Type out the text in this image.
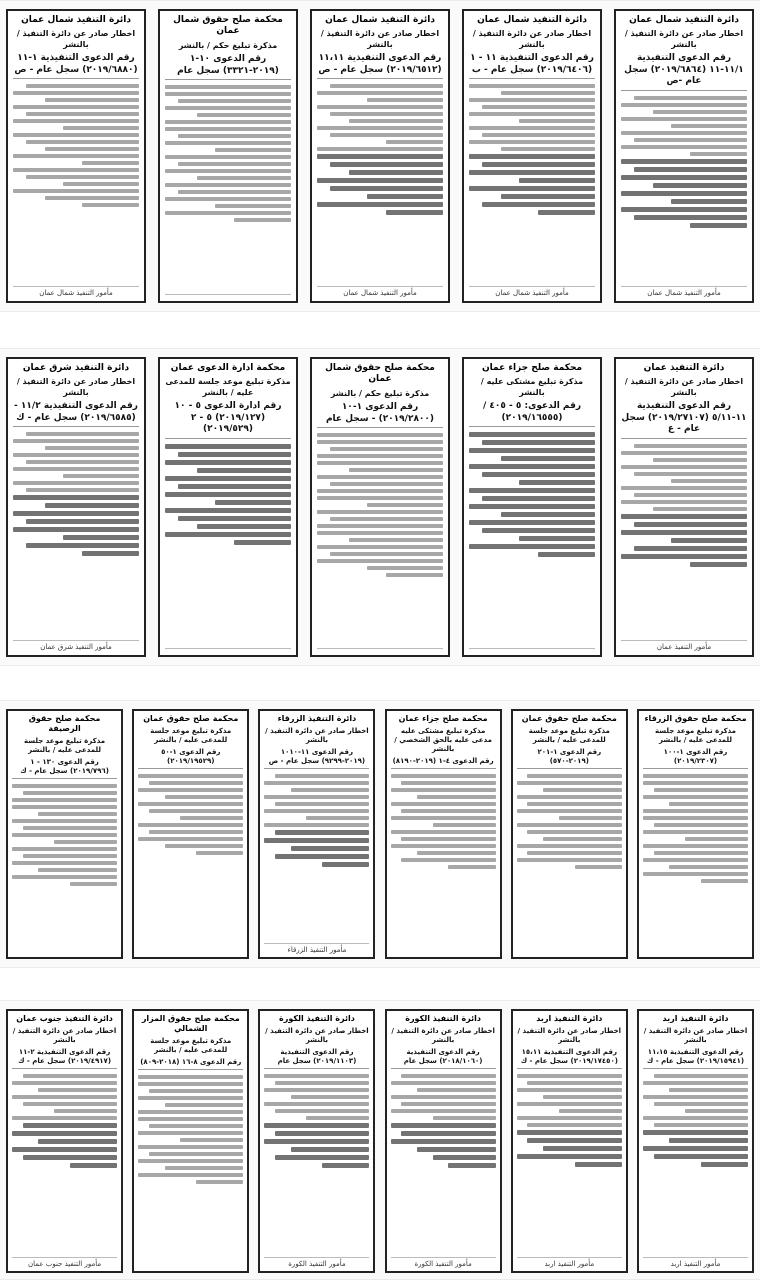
دائرة التنفيذ شمال عمان
اخطار صادر عن دائرة التنفيذ / بالنشر
رقم الدعوى التنفيذية ١١/١-١١ (٢٠١٩/٦٨٦٤) سجل عام -ص
مأمور التنفيذ شمال عمان
دائرة التنفيذ شمال عمان
اخطار صادر عن دائرة التنفيذ / بالنشر
رقم الدعوى التنفيذية ١١ - ١ (٢٠١٩/٦٤٠٦) سجل عام - ب
مأمور التنفيذ شمال عمان
دائرة التنفيذ شمال عمان
اخطار صادر عن دائرة التنفيذ / بالنشر
رقم الدعوى التنفيذية ١١،١١ (٢٠١٩/٦٥١٢) سجل عام - ص
مأمور التنفيذ شمال عمان
محكمة صلح حقوق شمال عمان
مذكرة تبليغ حكم / بالنشر
رقم الدعوى ١٠-١ (٢٠١٩-٣٣٢١) سجل عام
دائرة التنفيذ شمال عمان
اخطار صادر عن دائرة التنفيذ / بالنشر
رقم الدعوى التنفيذية ١-١١ (٢٠١٩/٦٨٨٠) سجل عام - ص
مأمور التنفيذ شمال عمان
دائرة التنفيذ عمان
اخطار صادر عن دائرة التنفيذ / بالنشر
رقم الدعوى التنفيذية ١١-٥/١١ (٢٠١٩/٢٧١٠٧) سجل عام - ع
مأمور التنفيذ عمان
محكمة صلح جزاء عمان
مذكرة تبليغ مشتكى عليه / بالنشر
رقم الدعوى: ٥ - ٤٠٥ / (٢٠١٩/١٦٥٥٥)
محكمة صلح حقوق شمال عمان
مذكرة تبليغ حكم / بالنشر
رقم الدعوى ١-١٠ (٢٠١٩/٢٨٠٠) - سجل عام
محكمة ادارة الدعوى عمان
مذكرة تبليغ موعد جلسة للمدعى عليه / بالنشر
رقم ادارة الدعوى ٥ - ١٠ (٢٠١٩/١٢٧) ٥ - ٢ (٢٠١٩/٥٢٩)
دائرة التنفيذ شرق عمان
اخطار صادر عن دائرة التنفيذ / بالنشر
رقم الدعوى التنفيذية ١١/٢ - (٢٠١٩/٦٥٨٥) سجل عام - ك
مأمور التنفيذ شرق عمان
محكمة صلح حقوق الزرقاء
مذكرة تبليغ موعد جلسة للمدعى عليه / بالنشر
رقم الدعوى ١-١٠٠ (٢٠١٩/٢٣٠٧)
محكمة صلح حقوق عمان
مذكرة تبليغ موعد جلسة للمدعى عليه / بالنشر
رقم الدعوى ١-٢٠١ (٢٠١٩-٥٧٠)
محكمة صلح جزاء عمان
مذكرة تبليغ مشتكى عليه مدعى عليه بالحق الشخصي / بالنشر
رقم الدعوى ٤-١ (٢٠١٩-٨١٩٠)
دائرة التنفيذ الزرقاء
اخطار صادر عن دائرة التنفيذ / بالنشر
رقم الدعوى ١١-١٠١٠ (٢٠١٩-٩٢٩٩) سجل عام - ص
مأمور التنفيذ الزرقاء
محكمة صلح حقوق عمان
مذكرة تبليغ موعد جلسة للمدعى عليه / بالنشر
رقم الدعوى ١-٥٠ (٢٠١٩/١٩٥٢٩)
محكمة صلح حقوق الرصيفة
مذكرة تبليغ موعد جلسة للمدعى عليه / بالنشر
رقم الدعوى ١٣٠ - ١ (٢٠١٩/٧٩٦) سجل عام - ك
دائرة التنفيذ اربد
اخطار صادر عن دائرة التنفيذ / بالنشر
رقم الدعوى التنفيذية ١١،١٥ (٢٠١٩/١٥٩٤١) سجل عام - ك
مأمور التنفيذ اربد
دائرة التنفيذ اربد
اخطار صادر عن دائرة التنفيذ / بالنشر
رقم الدعوى التنفيذية ١٥،١١ (٢٠١٩/١٧٤٥٠) سجل عام - ك
مأمور التنفيذ اربد
دائرة التنفيذ الكورة
اخطار صادر عن دائرة التنفيذ / بالنشر
رقم الدعوى التنفيذية (٢٠١٨/١٠٦٠) سجل عام
مأمور التنفيذ الكورة
دائرة التنفيذ الكورة
اخطار صادر عن دائرة التنفيذ / بالنشر
رقم الدعوى التنفيذية (٢٠١٩/١١٠٣) سجل عام
مأمور التنفيذ الكورة
محكمة صلح حقوق المزار الشمالي
مذكرة تبليغ موعد جلسة للمدعى عليه / بالنشر
رقم الدعوى ٨-١٦ (٢٠١٨-٨٠٩)
دائرة التنفيذ جنوب عمان
اخطار صادر عن دائرة التنفيذ / بالنشر
رقم الدعوى التنفيذية ٢-١١ (٢٠١٩/٤٩١٧) سجل عام - ك
مأمور التنفيذ جنوب عمان
